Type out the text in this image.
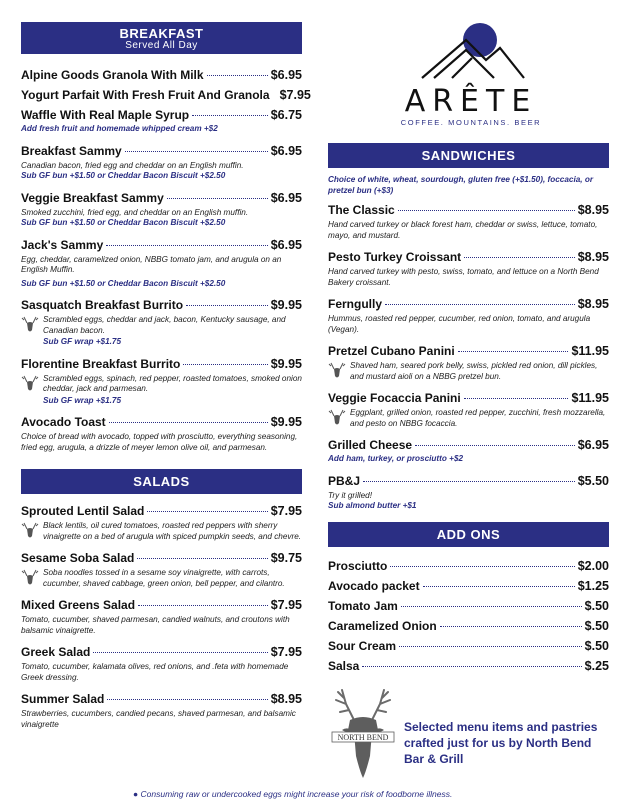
ARÊTE
COFFEE. MOUNTAINS. BEER
BREAKFAST
Served All Day
Alpine Goods Granola With Milk	$6.95
Yogurt Parfait With Fresh Fruit And Granola $7.95
Waffle With Real Maple Syrup	$6.75
Add fresh fruit and homemade whipped cream +$2
Breakfast Sammy	$6.95
Canadian bacon, fried egg and cheddar on an English muffin.
Sub GF bun +$1.50 or Cheddar Bacon Biscuit +$2.50
Veggie Breakfast Sammy	$6.95
Smoked zucchini, fried egg, and cheddar on an English muffin.
Sub GF bun +$1.50 or Cheddar Bacon Biscuit +$2.50
Jack's Sammy	$6.95
Egg, cheddar, caramelized onion, NBBG tomato jam, and arugula on an English Muffin.
Sub GF bun +$1.50 or Cheddar Bacon Biscuit +$2.50
Sasquatch Breakfast Burrito	$9.95
Scrambled eggs, cheddar and jack, bacon, Kentucky sausage, and Canadian bacon.
Sub GF wrap +$1.75
Florentine Breakfast Burrito	$9.95
Scrambled eggs, spinach, red pepper, roasted tomatoes, smoked onion cheddar, jack and parmesan.
Sub GF wrap +$1.75
Avocado Toast	$9.95
Choice of bread with avocado, topped with prosciutto, everything seasoning, fried egg, arugula, a drizzle of meyer lemon olive oil, and parmesan.
SALADS
Sprouted Lentil Salad	$7.95
Black lentils, oil cured tomatoes, roasted red peppers with sherry vinaigrette on a bed of arugula with spiced pumpkin seeds, and chevre.
Sesame Soba Salad	$9.75
Soba noodles tossed in a sesame soy vinaigrette, with carrots, cucumber, shaved cabbage, green onion, bell pepper, and cilantro.
Mixed Greens Salad	$7.95
Tomato, cucumber, shaved parmesan, candied walnuts, and croutons with balsamic vinaigrette.
Greek Salad	$7.95
Tomato, cucumber, kalamata olives, red onions, and .feta with homemade Greek dressing.
Summer Salad	$8.95
Strawberries, cucumbers, candied pecans, shaved parmesan, and balsamic vinaigrette
SANDWICHES
Choice of white, wheat, sourdough, gluten free (+$1.50), foccacia, or pretzel bun (+$3)
The Classic	$8.95
Hand carved turkey or black forest ham, cheddar or swiss, lettuce, tomato, mayo, and mustard.
Pesto Turkey Croissant	$8.95
Hand carved turkey with pesto, swiss, tomato, and lettuce on a North Bend Bakery croissant.
Ferngully	$8.95
Hummus, roasted red pepper, cucumber, red onion, tomato, and arugula (Vegan).
Pretzel Cubano Panini	$11.95
Shaved ham, seared pork belly, swiss, pickled red onion, dill pickles, and mustard aioli on a NBBG pretzel bun.
Veggie Focaccia Panini	$11.95
Eggplant, grilled onion, roasted red pepper, zucchini, fresh mozzarella, and pesto on NBBG focaccia.
Grilled Cheese	$6.95
Add ham, turkey, or prosciutto +$2
PB&J	$5.50
Try it grilled!
Sub almond butter +$1
ADD ONS
Prosciutto	$2.00
Avocado packet	$1.25
Tomato Jam	$.50
Caramelized Onion	$.50
Sour Cream	$.50
Salsa	$.25
NORTH BEND
Selected menu items and pastries crafted just for us by North Bend Bar & Grill
● Consuming raw or undercooked eggs might increase your risk of foodborne illness.
